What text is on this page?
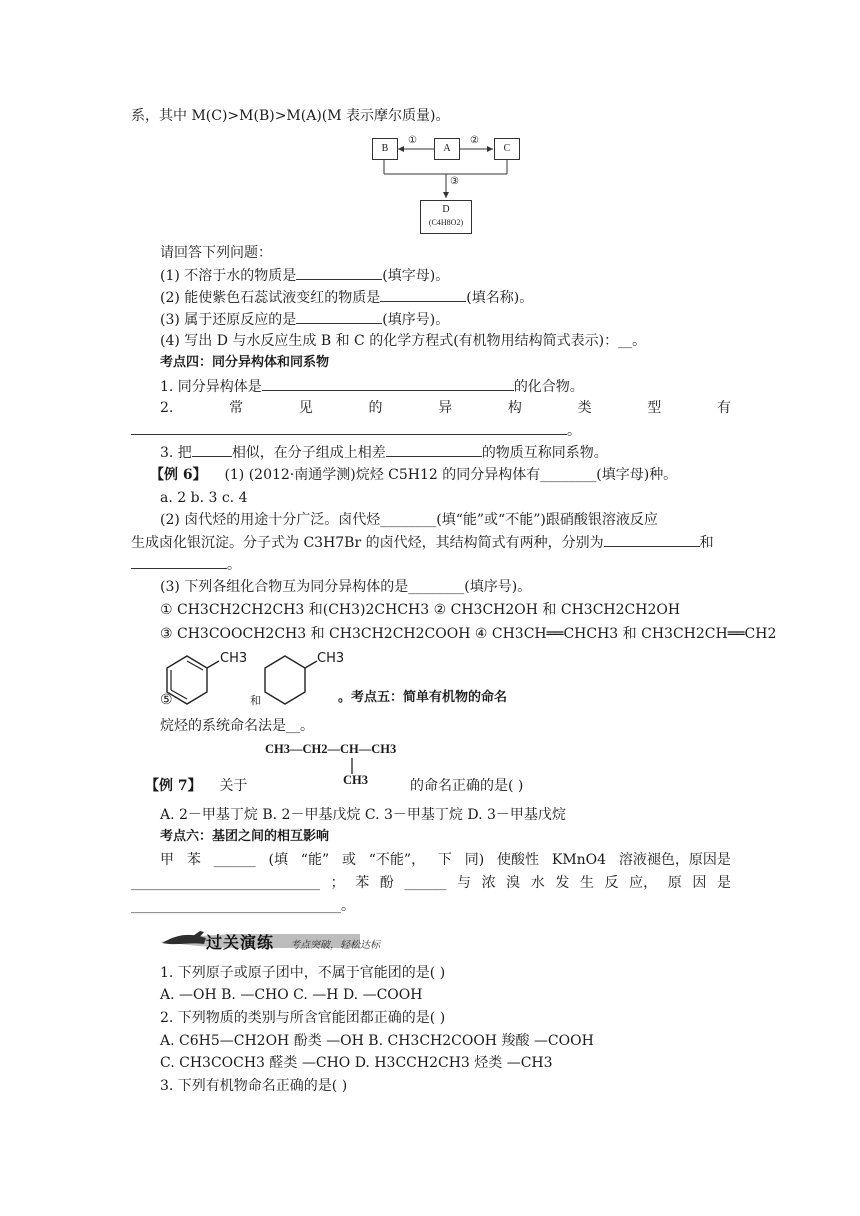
系，其中 M(C)>M(B)>M(A)(M 表示摩尔质量)。
B	A	C
①	②
③
D
(C4H8O2)
请回答下列问题：
(1) 不溶于水的物质是	(填字母)。
(2) 能使紫色石蕊试液变红的物质是	(填名称)。
(3) 属于还原反应的是	(填序号)。
(4) 写出 D 与水反应生成 B 和 C 的化学方程式(有机物用结构简式表示)：__。
考点四：同分异构体和同系物
1. 同分异构体是	的化合物。
2.	常	见	的	异	构	类	型	有
。
3. 把	相似，在分子组成上相差	的物质互称同系物。
【例 6】 (1) (2012·南通学测)烷烃 C5H12 的同分异构体有________(填字母)种。
a. 2 b. 3 c. 4
(2) 卤代烃的用途十分广泛。卤代烃________(填“能”或“不能”)跟硝酸银溶液反应
生成卤化银沉淀。分子式为 C3H7Br 的卤代烃，其结构简式有两种，分别为	和
。
(3) 下列各组化合物互为同分异构体的是________(填序号)。
① CH3CH2CH2CH3 和(CH3)2CHCH3 ② CH3CH2OH 和 CH3CH2CH2OH
③ CH3COOCH2CH3 和 CH3CH2CH2COOH ④ CH3CH══CHCH3 和 CH3CH2CH══CH2
CH3	CH3
⑤	和	。考点五：简单有机物的命名
烷烃的系统命名法是__。
CH3—CH2—CH—CH3
CH3
【例 7】 关于	的命名正确的是( )
A. 2－甲基丁烷 B. 2－甲基戊烷 C. 3－甲基丁烷 D. 3－甲基戊烷
考点六：基团之间的相互影响
甲 苯 ______ (填 “能” 或 “不能”， 下 同) 使酸性 KMnO4 溶液褪色，原因是
___________________________ ； 苯 酚 ______ 与 浓 溴 水 发 生 反 应， 原 因 是
______________________________。
过关演练 考点突破，轻松达标
1. 下列原子或原子团中，不属于官能团的是( )
A. —OH B. —CHO C. —H D. —COOH
2. 下列物质的类别与所含官能团都正确的是( )
A. C6H5—CH2OH 酚类 —OH B. CH3CH2COOH 羧酸 —COOH
C. CH3COCH3 醛类 —CHO D. H3CCH2CH3 烃类 —CH3
3. 下列有机物命名正确的是( )
